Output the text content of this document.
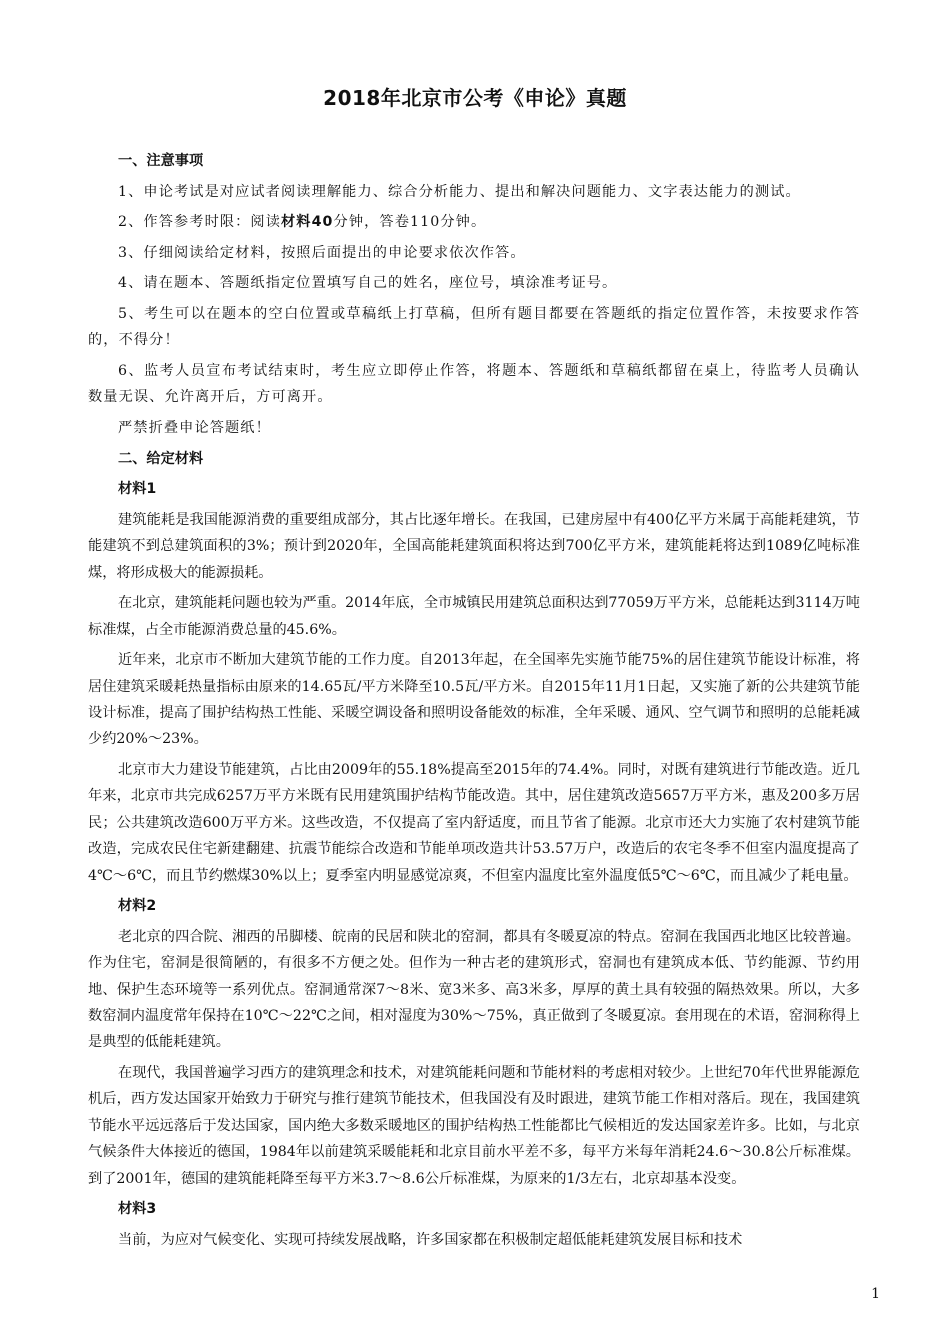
2018年北京市公考《申论》真题

一、注意事项

1、申论考试是对应试者阅读理解能力、综合分析能力、提出和解决问题能力、文字表达能力的测试。

2、作答参考时限：阅读材料40分钟，答卷110分钟。

3、仔细阅读给定材料，按照后面提出的申论要求依次作答。

4、请在题本、答题纸指定位置填写自己的姓名，座位号，填涂准考证号。

5、考生可以在题本的空白位置或草稿纸上打草稿，但所有题目都要在答题纸的指定位置作答，未按要求作答的，不得分！

6、监考人员宣布考试结束时，考生应立即停止作答，将题本、答题纸和草稿纸都留在桌上，待监考人员确认数量无误、允许离开后，方可离开。

严禁折叠申论答题纸！

二、给定材料

材料1

建筑能耗是我国能源消费的重要组成部分，其占比逐年增长。在我国，已建房屋中有400亿平方米属于高能耗建筑，节能建筑不到总建筑面积的3%；预计到2020年，全国高能耗建筑面积将达到700亿平方米，建筑能耗将达到1089亿吨标准煤，将形成极大的能源损耗。

在北京，建筑能耗问题也较为严重。2014年底，全市城镇民用建筑总面积达到77059万平方米，总能耗达到3114万吨标准煤，占全市能源消费总量的45.6%。

近年来，北京市不断加大建筑节能的工作力度。自2013年起，在全国率先实施节能75%的居住建筑节能设计标准，将居住建筑采暖耗热量指标由原来的14.65瓦/平方米降至10.5瓦/平方米。自2015年11月1日起，又实施了新的公共建筑节能设计标准，提高了围护结构热工性能、采暖空调设备和照明设备能效的标准，全年采暖、通风、空气调节和照明的总能耗减少约20%～23%。

北京市大力建设节能建筑，占比由2009年的55.18%提高至2015年的74.4%。同时，对既有建筑进行节能改造。近几年来，北京市共完成6257万平方米既有民用建筑围护结构节能改造。其中，居住建筑改造5657万平方米，惠及200多万居民；公共建筑改造600万平方米。这些改造，不仅提高了室内舒适度，而且节省了能源。北京市还大力实施了农村建筑节能改造，完成农民住宅新建翻建、抗震节能综合改造和节能单项改造共计53.57万户，改造后的农宅冬季不但室内温度提高了4℃～6℃，而且节约燃煤30%以上；夏季室内明显感觉凉爽，不但室内温度比室外温度低5℃～6℃，而且减少了耗电量。

材料2

老北京的四合院、湘西的吊脚楼、皖南的民居和陕北的窑洞，都具有冬暖夏凉的特点。窑洞在我国西北地区比较普遍。作为住宅，窑洞是很简陋的，有很多不方便之处。但作为一种古老的建筑形式，窑洞也有建筑成本低、节约能源、节约用地、保护生态环境等一系列优点。窑洞通常深7～8米、宽3米多、高3米多，厚厚的黄土具有较强的隔热效果。所以，大多数窑洞内温度常年保持在10℃～22℃之间，相对湿度为30%～75%，真正做到了冬暖夏凉。套用现在的术语，窑洞称得上是典型的低能耗建筑。

在现代，我国普遍学习西方的建筑理念和技术，对建筑能耗问题和节能材料的考虑相对较少。上世纪70年代世界能源危机后，西方发达国家开始致力于研究与推行建筑节能技术，但我国没有及时跟进，建筑节能工作相对落后。现在，我国建筑节能水平远远落后于发达国家，国内绝大多数采暖地区的围护结构热工性能都比气候相近的发达国家差许多。比如，与北京气候条件大体接近的德国，1984年以前建筑采暖能耗和北京目前水平差不多，每平方米每年消耗24.6～30.8公斤标准煤。到了2001年，德国的建筑能耗降至每平方米3.7～8.6公斤标准煤，为原来的1/3左右，北京却基本没变。

材料3

当前，为应对气候变化、实现可持续发展战略，许多国家都在积极制定超低能耗建筑发展目标和技术

1
